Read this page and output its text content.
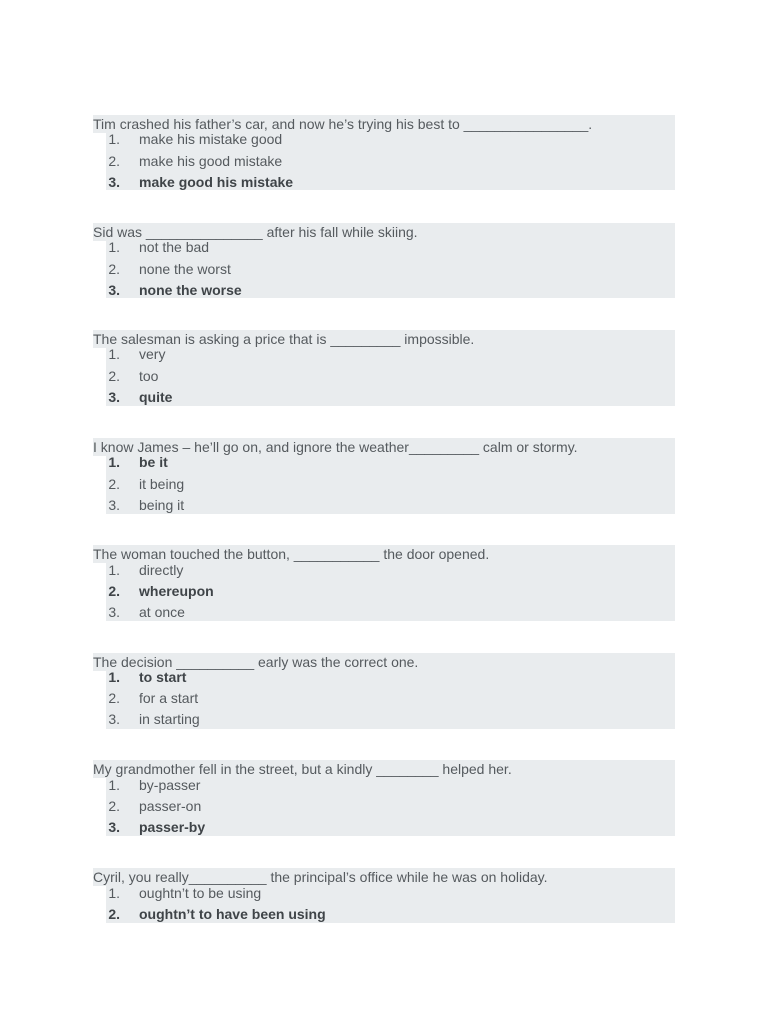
Tim crashed his father’s car, and now he’s trying his best to ________________.
1. make his mistake good
2. make his good mistake
3. make good his mistake
Sid was _______________ after his fall while skiing.
1. not the bad
2. none the worst
3. none the worse
The salesman is asking a price that is _________ impossible.
1. very
2. too
3. quite
I know James – he’ll go on, and ignore the weather_________ calm or stormy.
1. be it
2. it being
3. being it
The woman touched the button, ___________ the door opened.
1. directly
2. whereupon
3. at once
The decision __________ early was the correct one.
1. to start
2. for a start
3. in starting
My grandmother fell in the street, but a kindly ________ helped her.
1. by-passer
2. passer-on
3. passer-by
Cyril, you really__________ the principal’s office while he was on holiday.
1. oughtn’t to be using
2. oughtn’t to have been using
